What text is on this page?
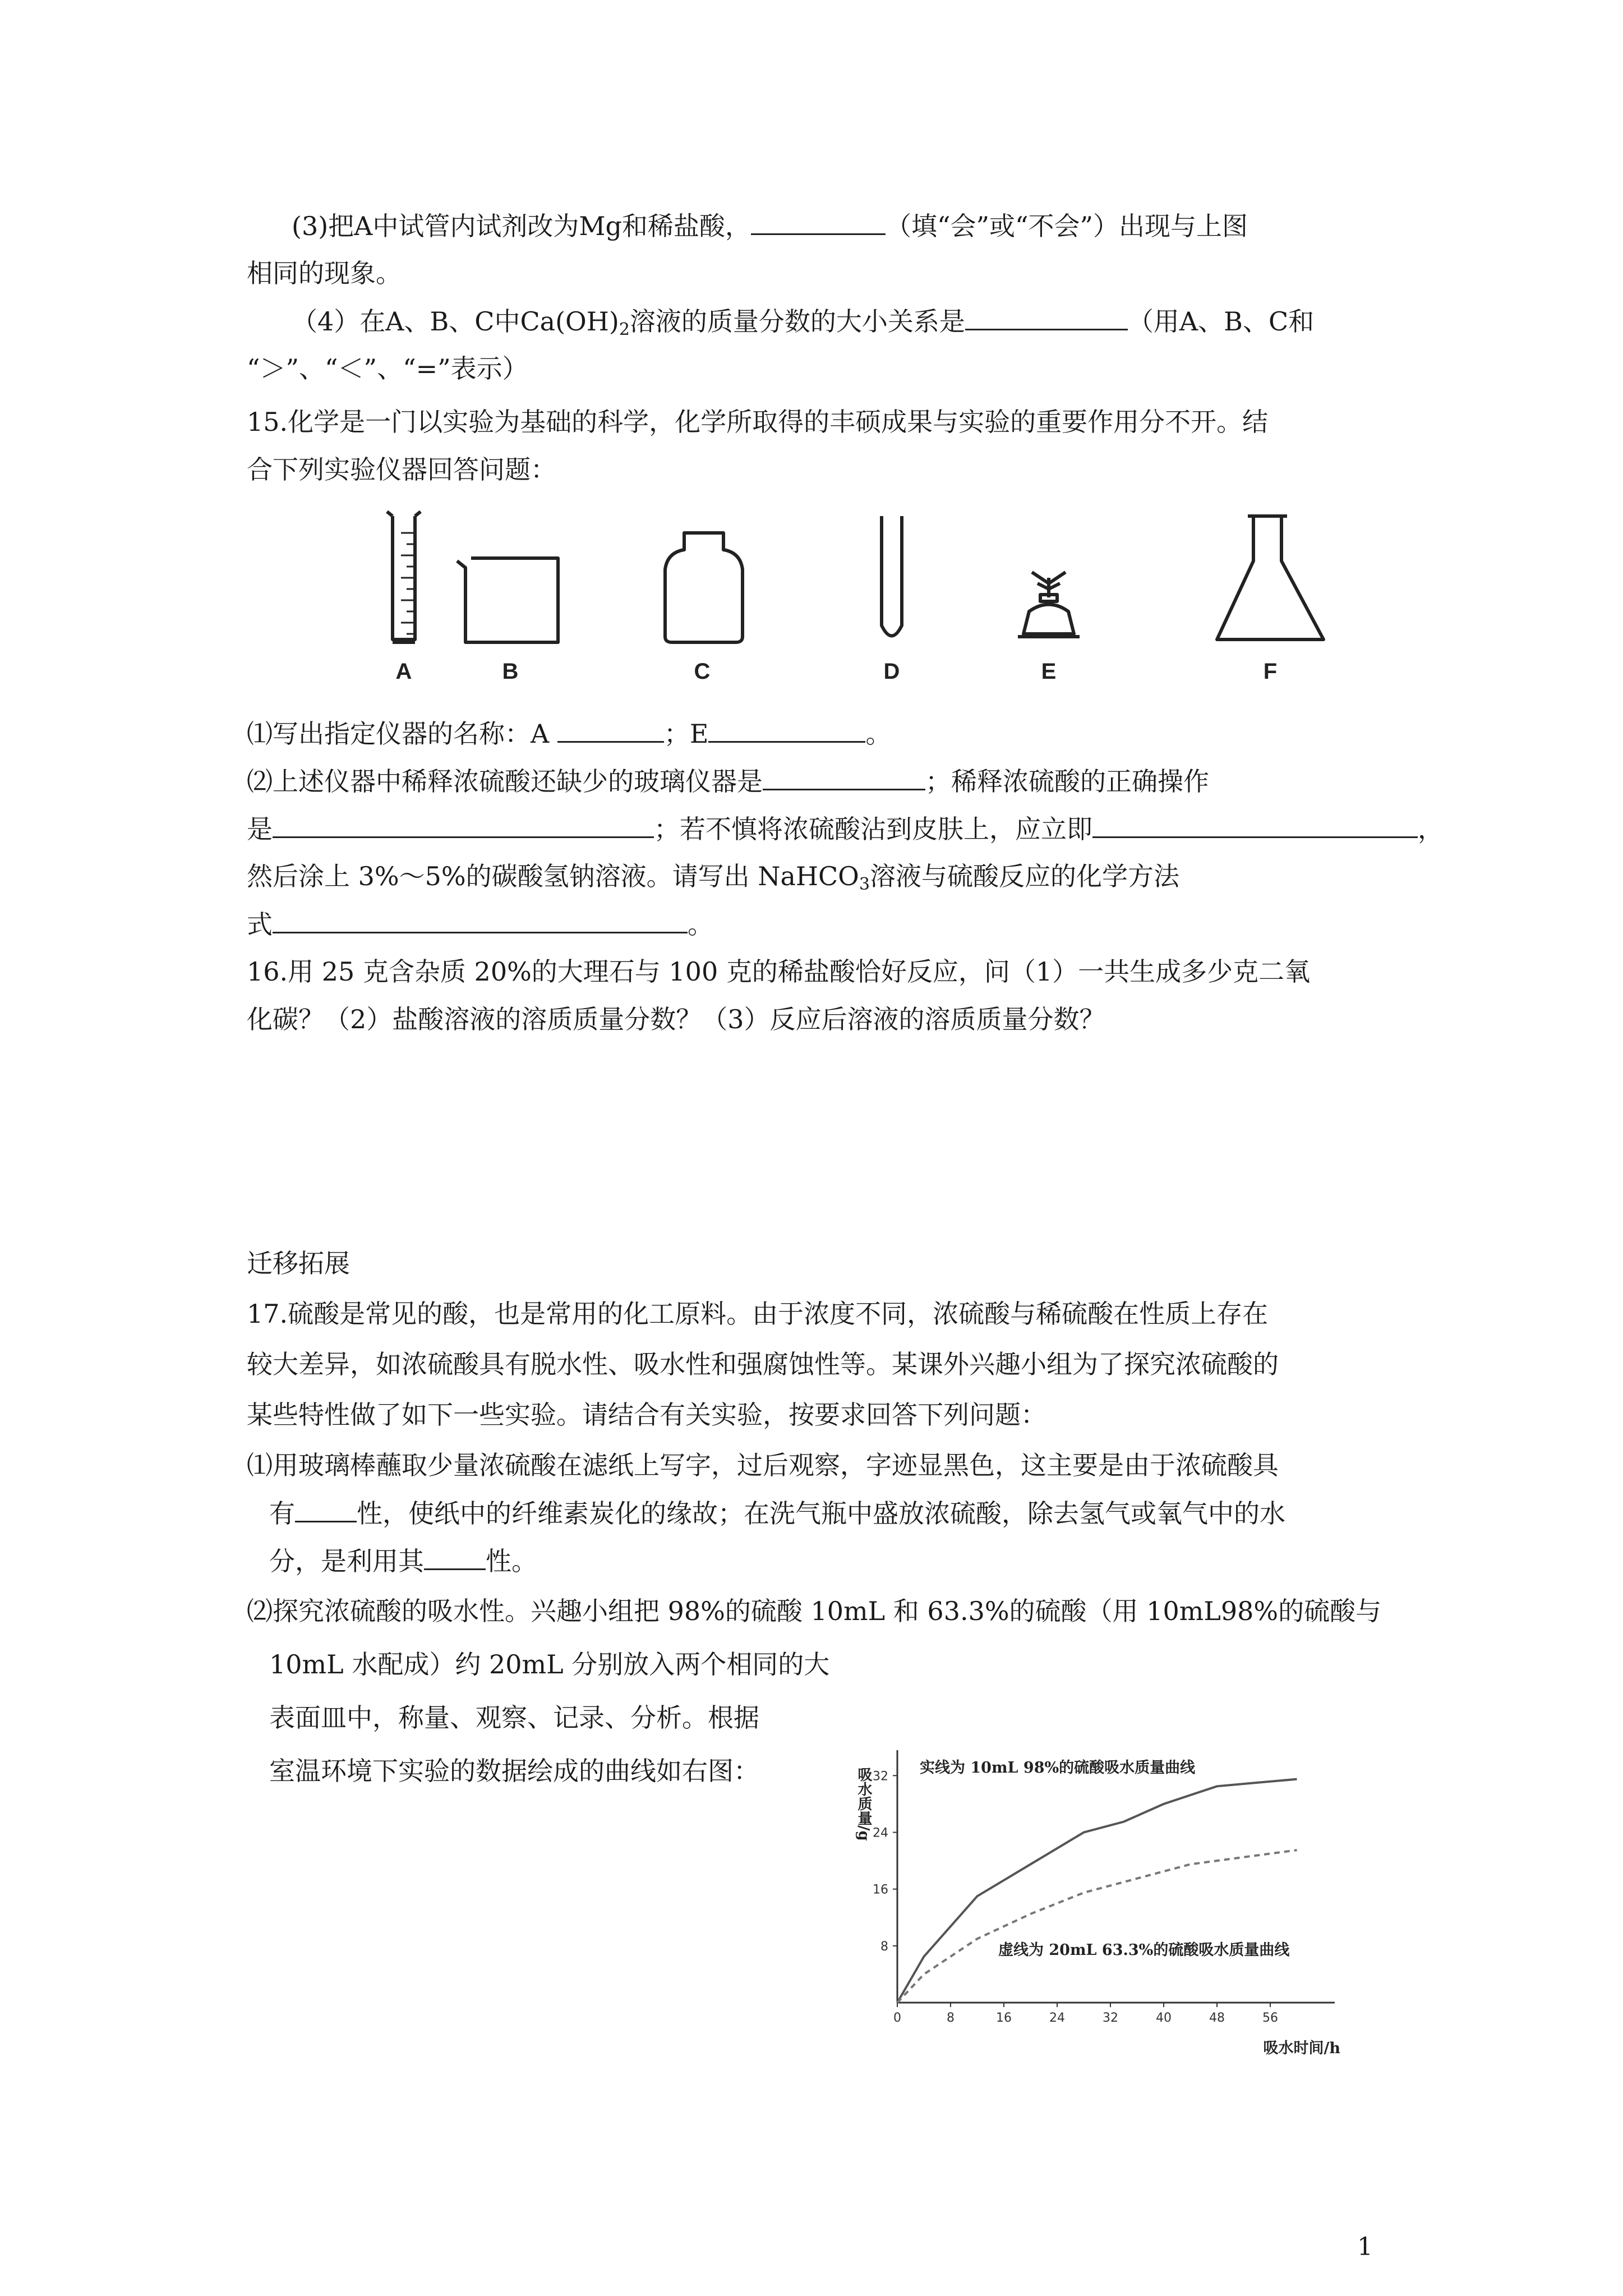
(3)把A中试管内试剂改为Mg和稀盐酸，	（填“会”或“不会”）出现与上图
相同的现象。
（4）在A、B、C中$Ca(OH)_2$溶液的质量分数的大小关系是	（用A、B、C和
“＞”、“＜”、“=”表示）
15.化学是一门以实验为基础的科学，化学所取得的丰硕成果与实验的重要作用分不开。结
合下列实验仪器回答问题：
A	B	C	D	E	F
⑴写出指定仪器的名称：A	；E	。
⑵上述仪器中稀释浓硫酸还缺少的玻璃仪器是	；稀释浓硫酸的正确操作
是	；若不慎将浓硫酸沾到皮肤上，应立即	，
然后涂上 3%～5%的碳酸氢钠溶液。请写出 NaHCO$_3$溶液与硫酸反应的化学方法
式	。
16.用 25 克含杂质 20%的大理石与 100 克的稀盐酸恰好反应，问（1）一共生成多少克二氧
化碳？（2）盐酸溶液的溶质质量分数？（3）反应后溶液的溶质质量分数？
迁移拓展
17.硫酸是常见的酸，也是常用的化工原料。由于浓度不同，浓硫酸与稀硫酸在性质上存在
较大差异，如浓硫酸具有脱水性、吸水性和强腐蚀性等。某课外兴趣小组为了探究浓硫酸的
某些特性做了如下一些实验。请结合有关实验，按要求回答下列问题：
⑴用玻璃棒蘸取少量浓硫酸在滤纸上写字，过后观察，字迹显黑色，这主要是由于浓硫酸具
有 性，使纸中的纤维素炭化的缘故；在洗气瓶中盛放浓硫酸，除去氢气或氧气中的水
分，是利用其 性。
⑵探究浓硫酸的吸水性。兴趣小组把 98%的硫酸 10mL 和 63.3%的硫酸（用 10mL98%的硫酸与
10mL 水配成）约 20mL 分别放入两个相同的大
表面皿中，称量、观察、记录、分析。根据
室温环境下实验的数据绘成的曲线如右图：
0	8	16	24	32	40	48	56
8
16
24
32 实线为 10mL 98%的硫酸吸水质量曲线
虚线为 20mL 63.3%的硫酸吸水质量曲线
吸水质量/g
吸水时间/h
1
